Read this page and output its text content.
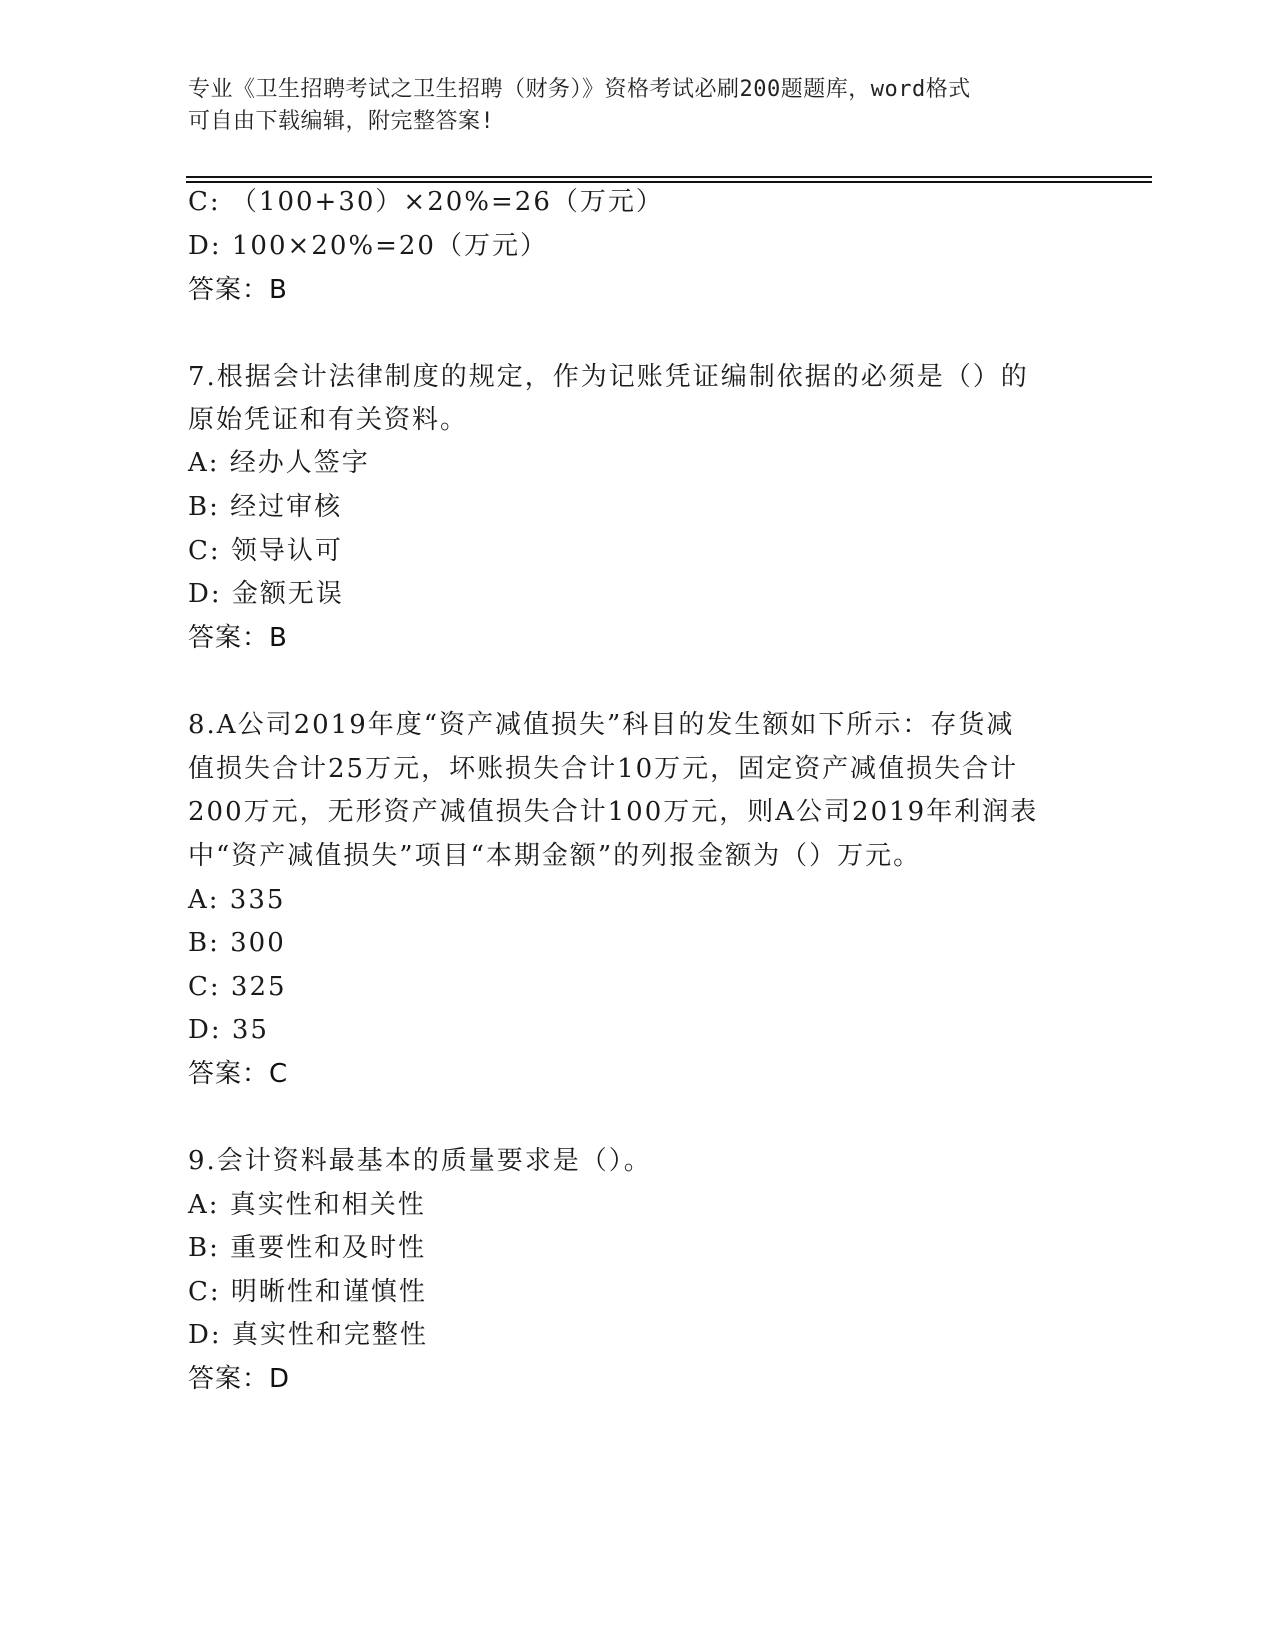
专业《卫生招聘考试之卫生招聘（财务）》资格考试必刷200题题库，word格式
可自由下载编辑，附完整答案!
C: （100+30）×20%=26（万元）
D: 100×20%=20（万元）
答案：B
7.根据会计法律制度的规定，作为记账凭证编制依据的必须是（）的
原始凭证和有关资料。
A: 经办人签字
B: 经过审核
C: 领导认可
D: 金额无误
答案：B
8.A公司2019年度“资产减值损失”科目的发生额如下所示：存货减
值损失合计25万元，坏账损失合计10万元，固定资产减值损失合计
200万元，无形资产减值损失合计100万元，则A公司2019年利润表
中“资产减值损失”项目“本期金额”的列报金额为（）万元。
A: 335
B: 300
C: 325
D: 35
答案：C
9.会计资料最基本的质量要求是（）。
A: 真实性和相关性
B: 重要性和及时性
C: 明晰性和谨慎性
D: 真实性和完整性
答案：D
